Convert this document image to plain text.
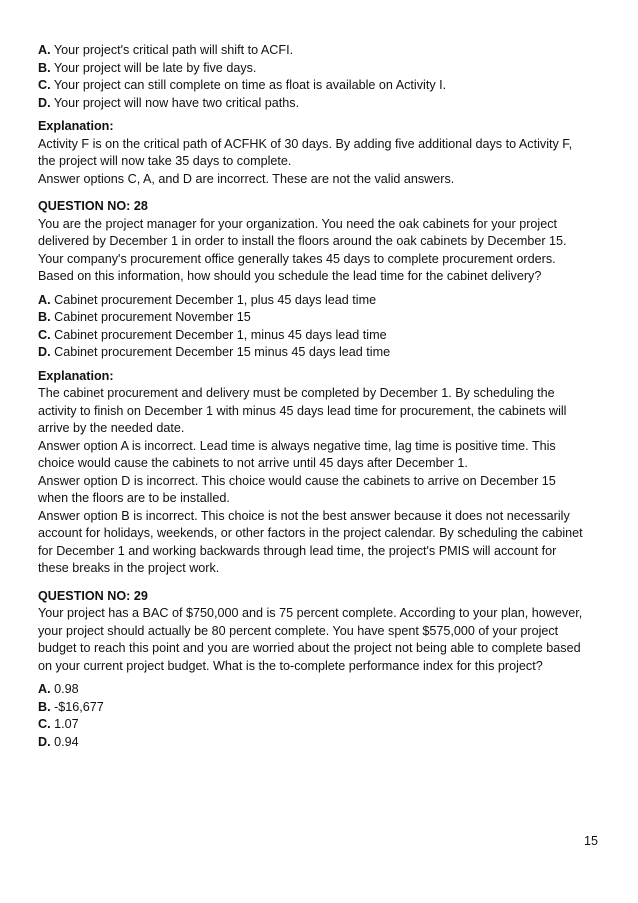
A. Your project's critical path will shift to ACFI.
B. Your project will be late by five days.
C. Your project can still complete on time as float is available on Activity I.
D. Your project will now have two critical paths.
Explanation:
Activity F is on the critical path of ACFHK of 30 days. By adding five additional days to Activity F,
the project will now take 35 days to complete.
Answer options C, A, and D are incorrect. These are not the valid answers.
QUESTION NO: 28
You are the project manager for your organization. You need the oak cabinets for your project
delivered by December 1 in order to install the floors around the oak cabinets by December 15.
Your company's procurement office generally takes 45 days to complete procurement orders.
Based on this information, how should you schedule the lead time for the cabinet delivery?
A. Cabinet procurement December 1, plus 45 days lead time
B. Cabinet procurement November 15
C. Cabinet procurement December 1, minus 45 days lead time
D. Cabinet procurement December 15 minus 45 days lead time
Explanation:
The cabinet procurement and delivery must be completed by December 1. By scheduling the
activity to finish on December 1 with minus 45 days lead time for procurement, the cabinets will
arrive by the needed date.
Answer option A is incorrect. Lead time is always negative time, lag time is positive time. This
choice would cause the cabinets to not arrive until 45 days after December 1.
Answer option D is incorrect. This choice would cause the cabinets to arrive on December 15
when the floors are to be installed.
Answer option B is incorrect. This choice is not the best answer because it does not necessarily
account for holidays, weekends, or other factors in the project calendar. By scheduling the cabinet
for December 1 and working backwards through lead time, the project's PMIS will account for
these breaks in the project work.
QUESTION NO: 29
Your project has a BAC of $750,000 and is 75 percent complete. According to your plan, however,
your project should actually be 80 percent complete. You have spent $575,000 of your project
budget to reach this point and you are worried about the project not being able to complete based
on your current project budget. What is the to-complete performance index for this project?
A. 0.98
B. -$16,677
C. 1.07
D. 0.94
15
